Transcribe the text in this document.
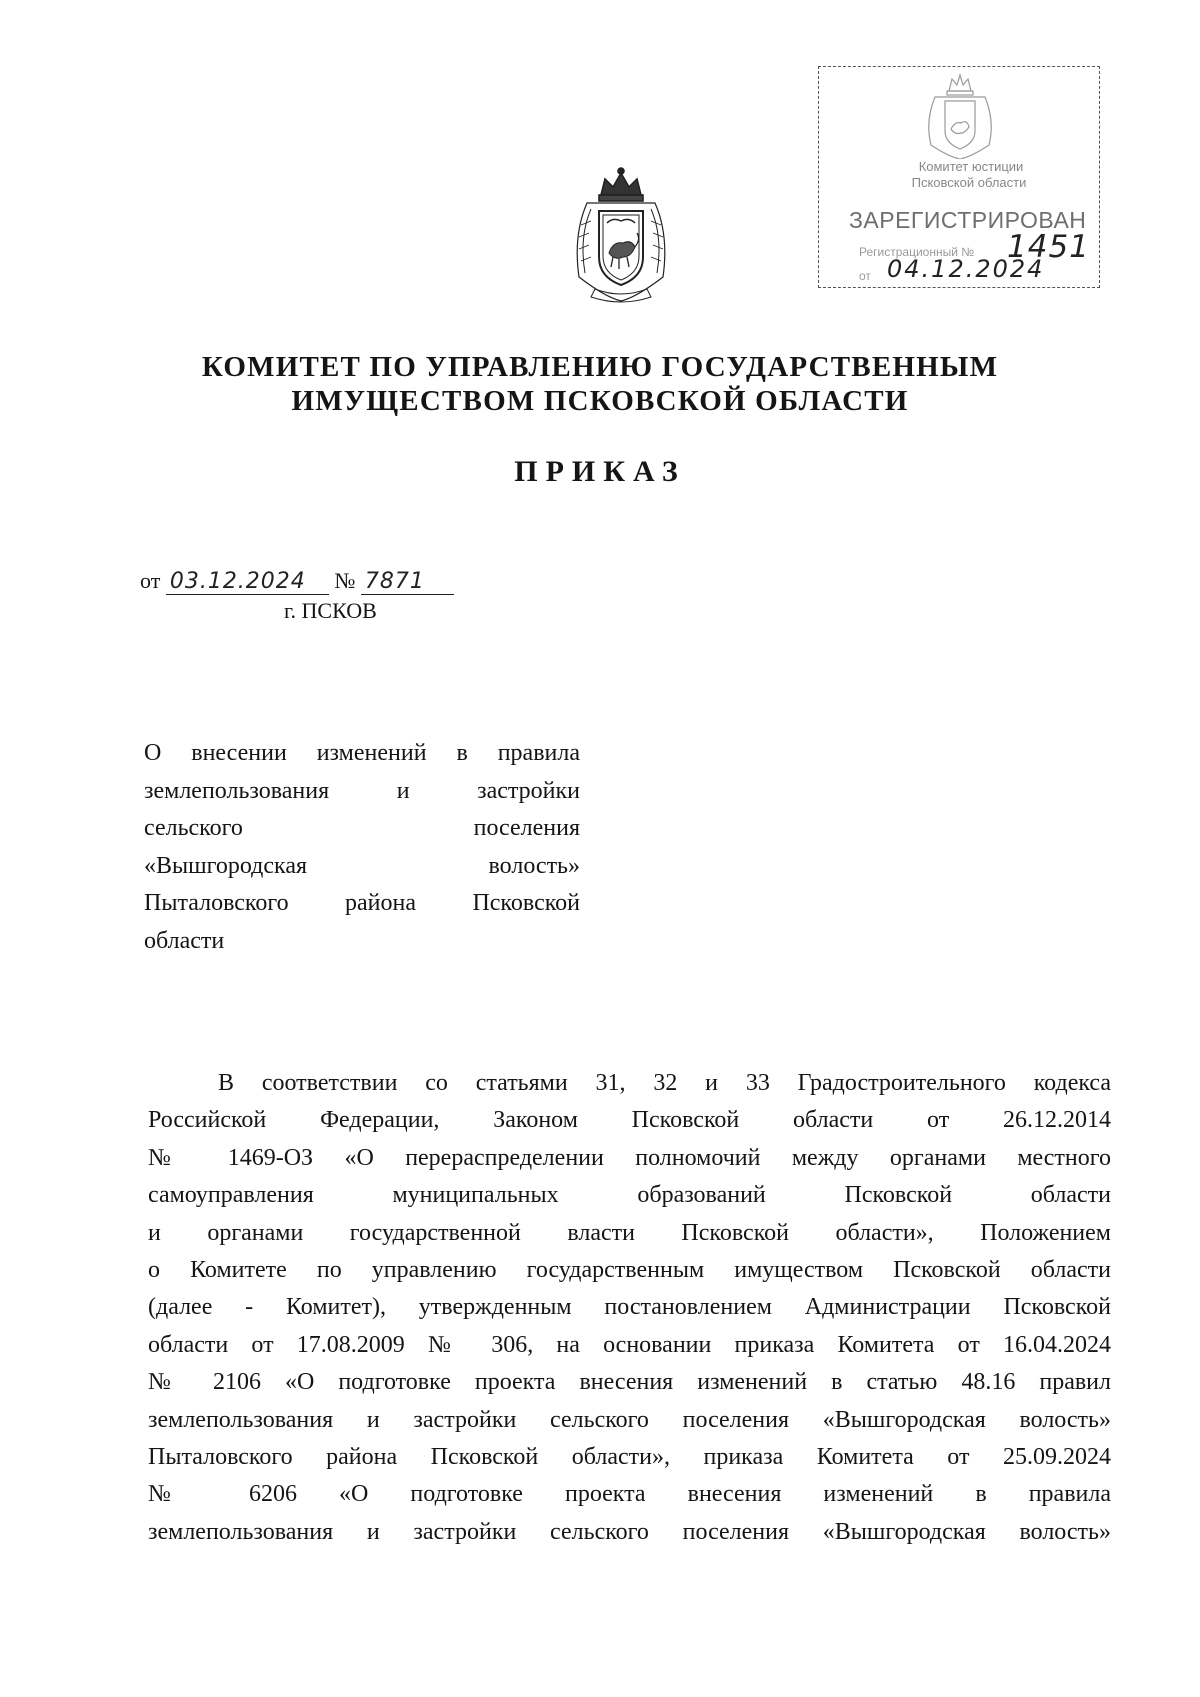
Комитет юстиции
Псковской области
ЗАРЕГИСТРИРОВАН
Регистрационный № 1451
от 04.12.2024
КОМИТЕТ ПО УПРАВЛЕНИЮ ГОСУДАРСТВЕННЫМ
ИМУЩЕСТВОМ ПСКОВСКОЙ ОБЛАСТИ
ПРИКАЗ
от 03.12.2024 № 7871
г. ПСКОВ
О внесении изменений в правила
землепользования и застройки
сельского поселения
«Вышгородская волость»
Пыталовского района Псковской
области
В соответствии со статьями 31, 32 и 33 Градостроительного кодекса
Российской Федерации, Законом Псковской области от 26.12.2014
№ 1469-ОЗ «О перераспределении полномочий между органами местного
самоуправления муниципальных образований Псковской области
и органами государственной власти Псковской области», Положением
о Комитете по управлению государственным имуществом Псковской области
(далее - Комитет), утвержденным постановлением Администрации Псковской
области от 17.08.2009 № 306, на основании приказа Комитета от 16.04.2024
№ 2106 «О подготовке проекта внесения изменений в статью 48.16 правил
землепользования и застройки сельского поселения «Вышгородская волость»
Пыталовского района Псковской области», приказа Комитета от 25.09.2024
№ 6206 «О подготовке проекта внесения изменений в правила
землепользования и застройки сельского поселения «Вышгородская волость»
